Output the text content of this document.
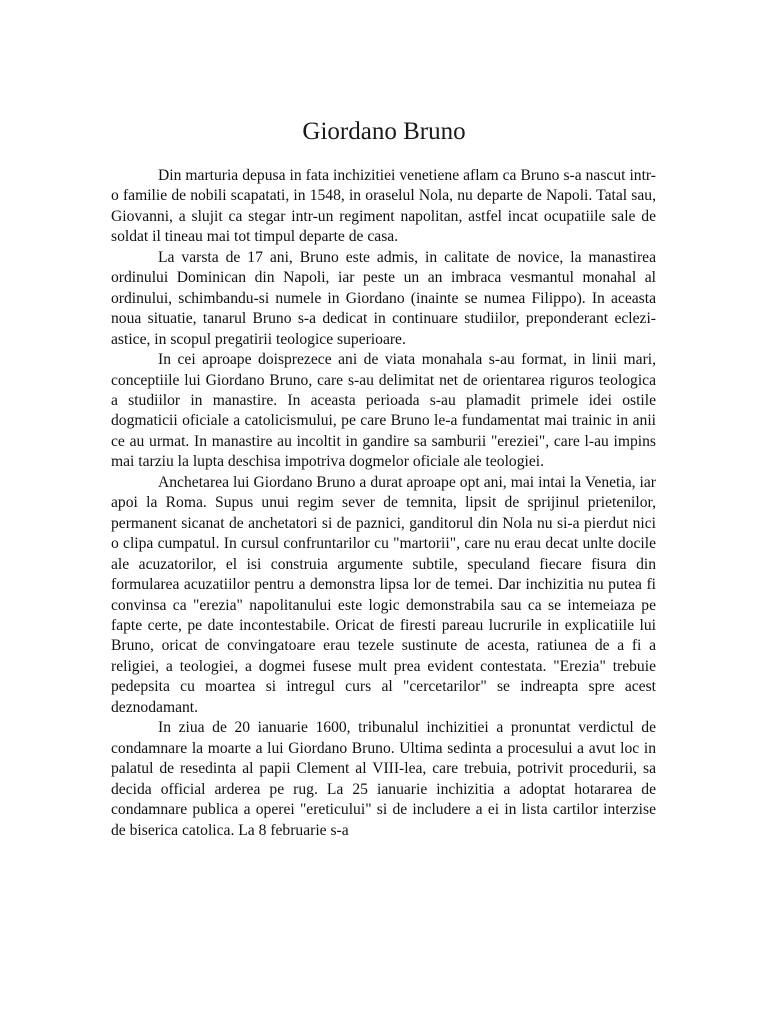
Giordano Bruno

Din marturia depusa in fata inchizitiei venetiene aflam ca Bruno s-a nascut intr-o familie de nobili scapatati, in 1548, in oraselul Nola, nu departe de Napoli. Tatal sau, Giovanni, a slujit ca stegar intr-un regiment napolitan, astfel incat ocupatiile sale de soldat il tineau mai tot timpul departe de casa.

La varsta de 17 ani, Bruno este admis, in calitate de novice, la manastirea ordinului Dominican din Napoli, iar peste un an imbraca vesmantul monahal al ordinului, schimbandu-si numele in Giordano (inainte se numea Filippo). In aceasta noua situatie, tanarul Bruno s-a dedicat in continuare studiilor, preponderant ecleziastice, in scopul pregatirii teologice superioare.

In cei aproape doisprezece ani de viata monahala s-au format, in linii mari, conceptiile lui Giordano Bruno, care s-au delimitat net de orientarea riguros teologica a studiilor in manastire. In aceasta perioada s-au plamadit primele idei ostile dogmaticii oficiale a catolicismului, pe care Bruno le-a fundamentat mai trainic in anii ce au urmat. In manastire au incoltit in gandire sa samburii "ereziei", care l-au impins mai tarziu la lupta deschisa impotriva dogmelor oficiale ale teologiei.

Anchetarea lui Giordano Bruno a durat aproape opt ani, mai intai la Venetia, iar apoi la Roma. Supus unui regim sever de temnita, lipsit de sprijinul prietenilor, permanent sicanat de anchetatori si de paznici, ganditorul din Nola nu si-a pierdut nici o clipa cumpatul. In cursul confruntarilor cu "martorii", care nu erau decat unlte docile ale acuzatorilor, el isi construia argumente subtile, speculand fiecare fisura din formularea acuzatiilor pentru a demonstra lipsa lor de temei. Dar inchizitia nu putea fi convinsa ca "erezia" napolitanului este logic demonstrabila sau ca se intemeiaza pe fapte certe, pe date incontestabile. Oricat de firesti pareau lucrurile in explicatiile lui Bruno, oricat de convingatoare erau tezele sustinute de acesta, ratiunea de a fi a religiei, a teologiei, a dogmei fusese mult prea evident contestata. "Erezia" trebuie pedepsita cu moartea si intregul curs al "cercetarilor" se indreapta spre acest deznodamant.

In ziua de 20 ianuarie 1600, tribunalul inchizitiei a pronuntat verdictul de condamnare la moarte a lui Giordano Bruno. Ultima sedinta a procesului a avut loc in palatul de resedinta al papii Clement al VIII-lea, care trebuia, potrivit procedurii, sa decida official arderea pe rug. La 25 ianuarie inchizitia a adoptat hotararea de condamnare publica a operei "ereticului" si de includere a ei in lista cartilor interzise de biserica catolica. La 8 februarie s-a
